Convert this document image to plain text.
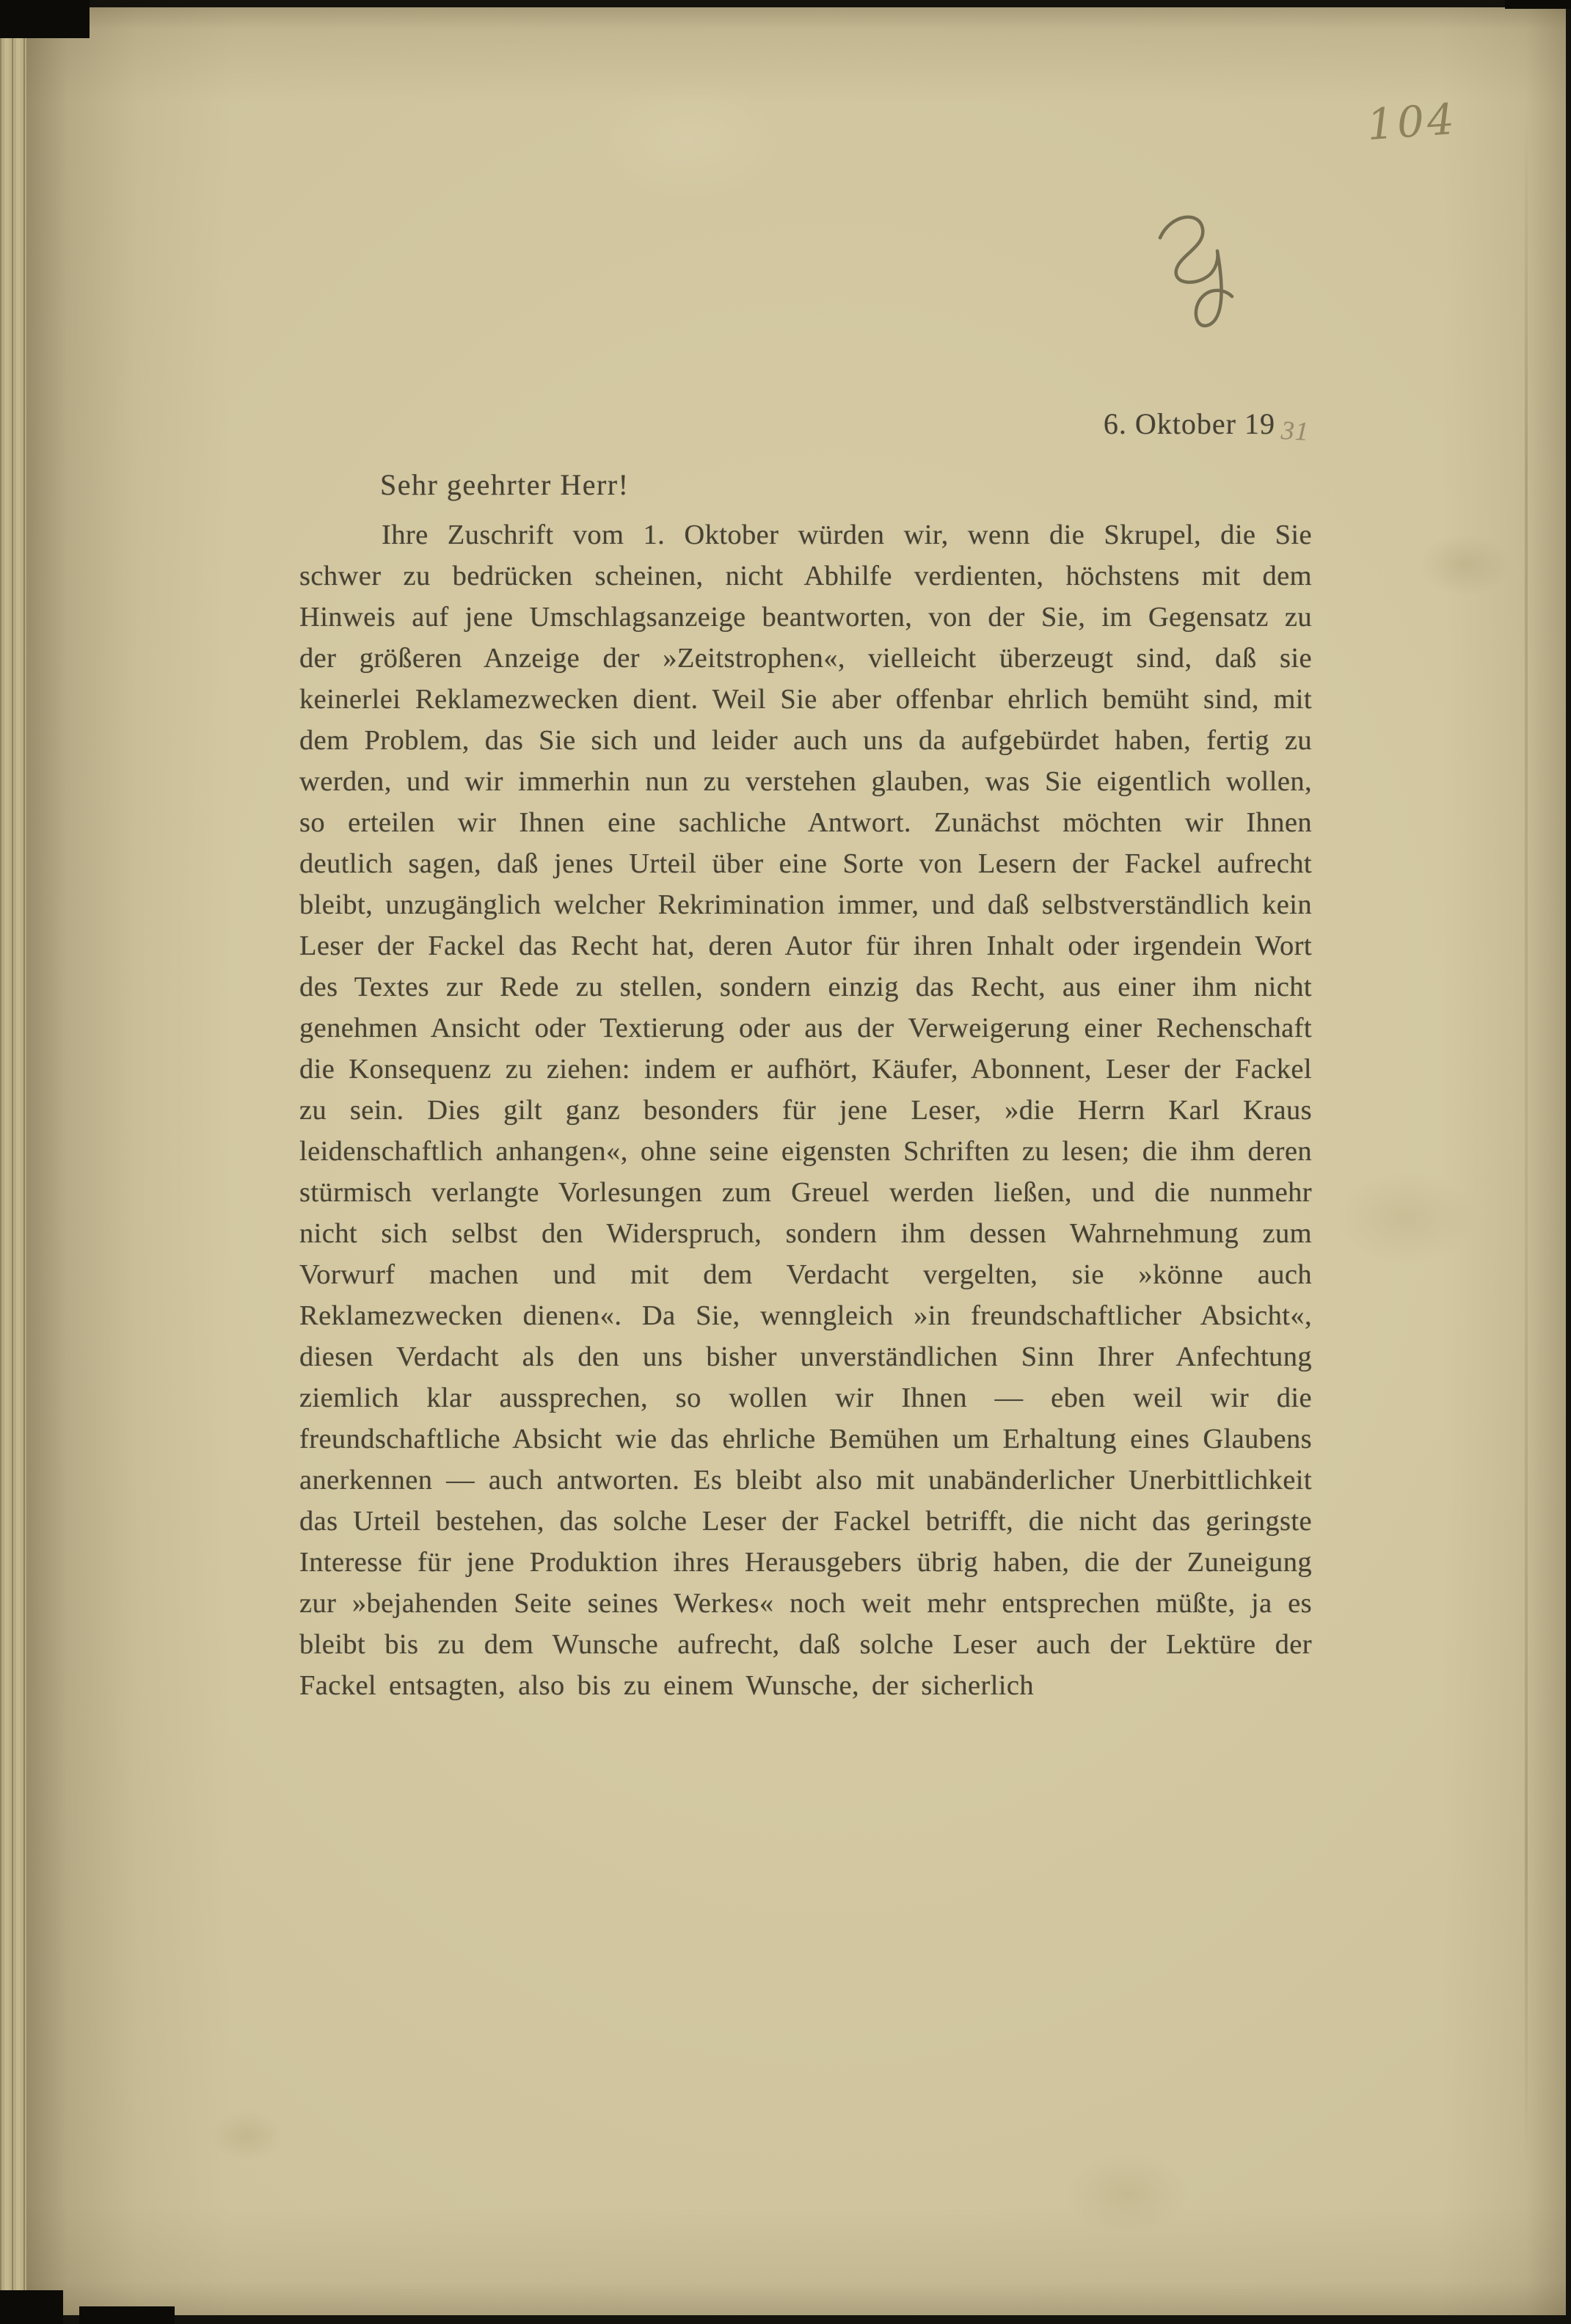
104
6. Oktober 19 31
Sehr geehrter Herr!

Ihre Zuschrift vom 1. Oktober würden wir, wenn die Skrupel, die Sie schwer zu bedrücken scheinen, nicht Abhilfe verdienten, höchstens mit dem Hinweis auf jene Umschlagsanzeige beantworten, von der Sie, im Gegensatz zu der größeren Anzeige der »Zeitstrophen«, vielleicht überzeugt sind, daß sie keinerlei Reklamezwecken dient. Weil Sie aber offenbar ehrlich bemüht sind, mit dem Problem, das Sie sich und leider auch uns da aufgebürdet haben, fertig zu werden, und wir immerhin nun zu verstehen glauben, was Sie eigentlich wollen, so erteilen wir Ihnen eine sachliche Antwort. Zunächst möchten wir Ihnen deutlich sagen, daß jenes Urteil über eine Sorte von Lesern der Fackel aufrecht bleibt, unzugänglich welcher Rekrimination immer, und daß selbstverständlich kein Leser der Fackel das Recht hat, deren Autor für ihren Inhalt oder irgendein Wort des Textes zur Rede zu stellen, sondern einzig das Recht, aus einer ihm nicht genehmen Ansicht oder Textierung oder aus der Verweigerung einer Rechenschaft die Konsequenz zu ziehen: indem er aufhört, Käufer, Abonnent, Leser der Fackel zu sein. Dies gilt ganz besonders für jene Leser, »die Herrn Karl Kraus leidenschaftlich anhangen«, ohne seine eigensten Schriften zu lesen; die ihm deren stürmisch verlangte Vorlesungen zum Greuel werden ließen, und die nunmehr nicht sich selbst den Widerspruch, sondern ihm dessen Wahrnehmung zum Vorwurf machen und mit dem Verdacht vergelten, sie »könne auch Reklamezwecken dienen«. Da Sie, wenngleich »in freundschaftlicher Absicht«, diesen Verdacht als den uns bisher unverständlichen Sinn Ihrer Anfechtung ziemlich klar aussprechen, so wollen wir Ihnen — eben weil wir die freundschaftliche Absicht wie das ehrliche Bemühen um Erhaltung eines Glaubens anerkennen — auch antworten. Es bleibt also mit unabänderlicher Unerbittlichkeit das Urteil bestehen, das solche Leser der Fackel betrifft, die nicht das geringste Interesse für jene Produktion ihres Herausgebers übrig haben, die der Zuneigung zur »bejahenden Seite seines Werkes« noch weit mehr entsprechen müßte, ja es bleibt bis zu dem Wunsche aufrecht, daß solche Leser auch der Lektüre der Fackel entsagten, also bis zu einem Wunsche, der sicherlich
